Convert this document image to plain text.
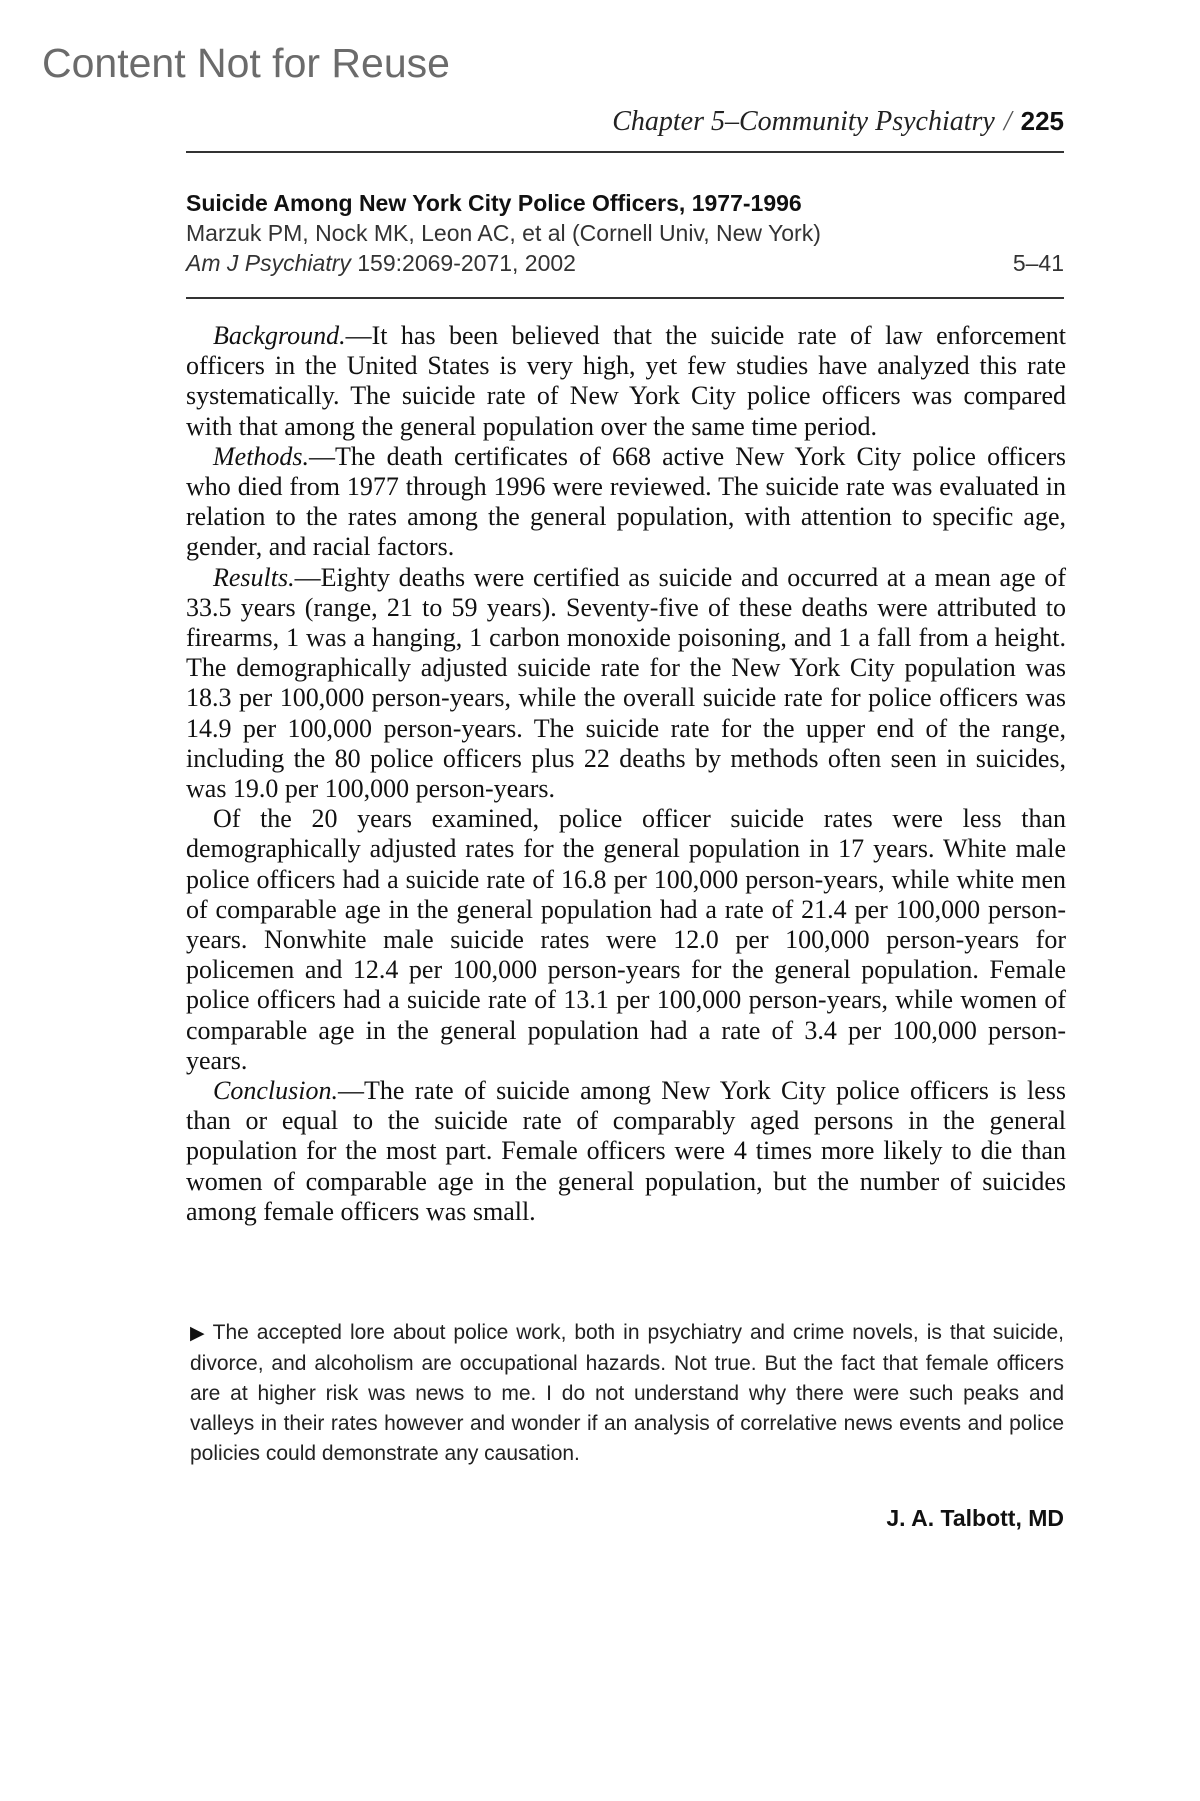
Content Not for Reuse
Chapter 5–Community Psychiatry / 225
Suicide Among New York City Police Officers, 1977-1996
Marzuk PM, Nock MK, Leon AC, et al (Cornell Univ, New York)
Am J Psychiatry 159:2069-2071, 2002	5–41

Background.—It has been believed that the suicide rate of law enforcement officers in the United States is very high, yet few studies have analyzed this rate systematically. The suicide rate of New York City police officers was compared with that among the general population over the same time period.

Methods.—The death certificates of 668 active New York City police officers who died from 1977 through 1996 were reviewed. The suicide rate was evaluated in relation to the rates among the general population, with attention to specific age, gender, and racial factors.

Results.—Eighty deaths were certified as suicide and occurred at a mean age of 33.5 years (range, 21 to 59 years). Seventy-five of these deaths were attributed to firearms, 1 was a hanging, 1 carbon monoxide poisoning, and 1 a fall from a height. The demographically adjusted suicide rate for the New York City population was 18.3 per 100,000 person-years, while the overall suicide rate for police officers was 14.9 per 100,000 person-years. The suicide rate for the upper end of the range, including the 80 police officers plus 22 deaths by methods often seen in suicides, was 19.0 per 100,000 person-years.

Of the 20 years examined, police officer suicide rates were less than demographically adjusted rates for the general population in 17 years. White male police officers had a suicide rate of 16.8 per 100,000 person-years, while white men of comparable age in the general population had a rate of 21.4 per 100,000 person-years. Nonwhite male suicide rates were 12.0 per 100,000 person-years for policemen and 12.4 per 100,000 person-years for the general population. Female police officers had a suicide rate of 13.1 per 100,000 person-years, while women of comparable age in the general population had a rate of 3.4 per 100,000 person-years.

Conclusion.—The rate of suicide among New York City police officers is less than or equal to the suicide rate of comparably aged persons in the general population for the most part. Female officers were 4 times more likely to die than women of comparable age in the general population, but the number of suicides among female officers was small.

▶ The accepted lore about police work, both in psychiatry and crime novels, is that suicide, divorce, and alcoholism are occupational hazards. Not true. But the fact that female officers are at higher risk was news to me. I do not understand why there were such peaks and valleys in their rates however and wonder if an analysis of correlative news events and police policies could demonstrate any causation.
J. A. Talbott, MD
